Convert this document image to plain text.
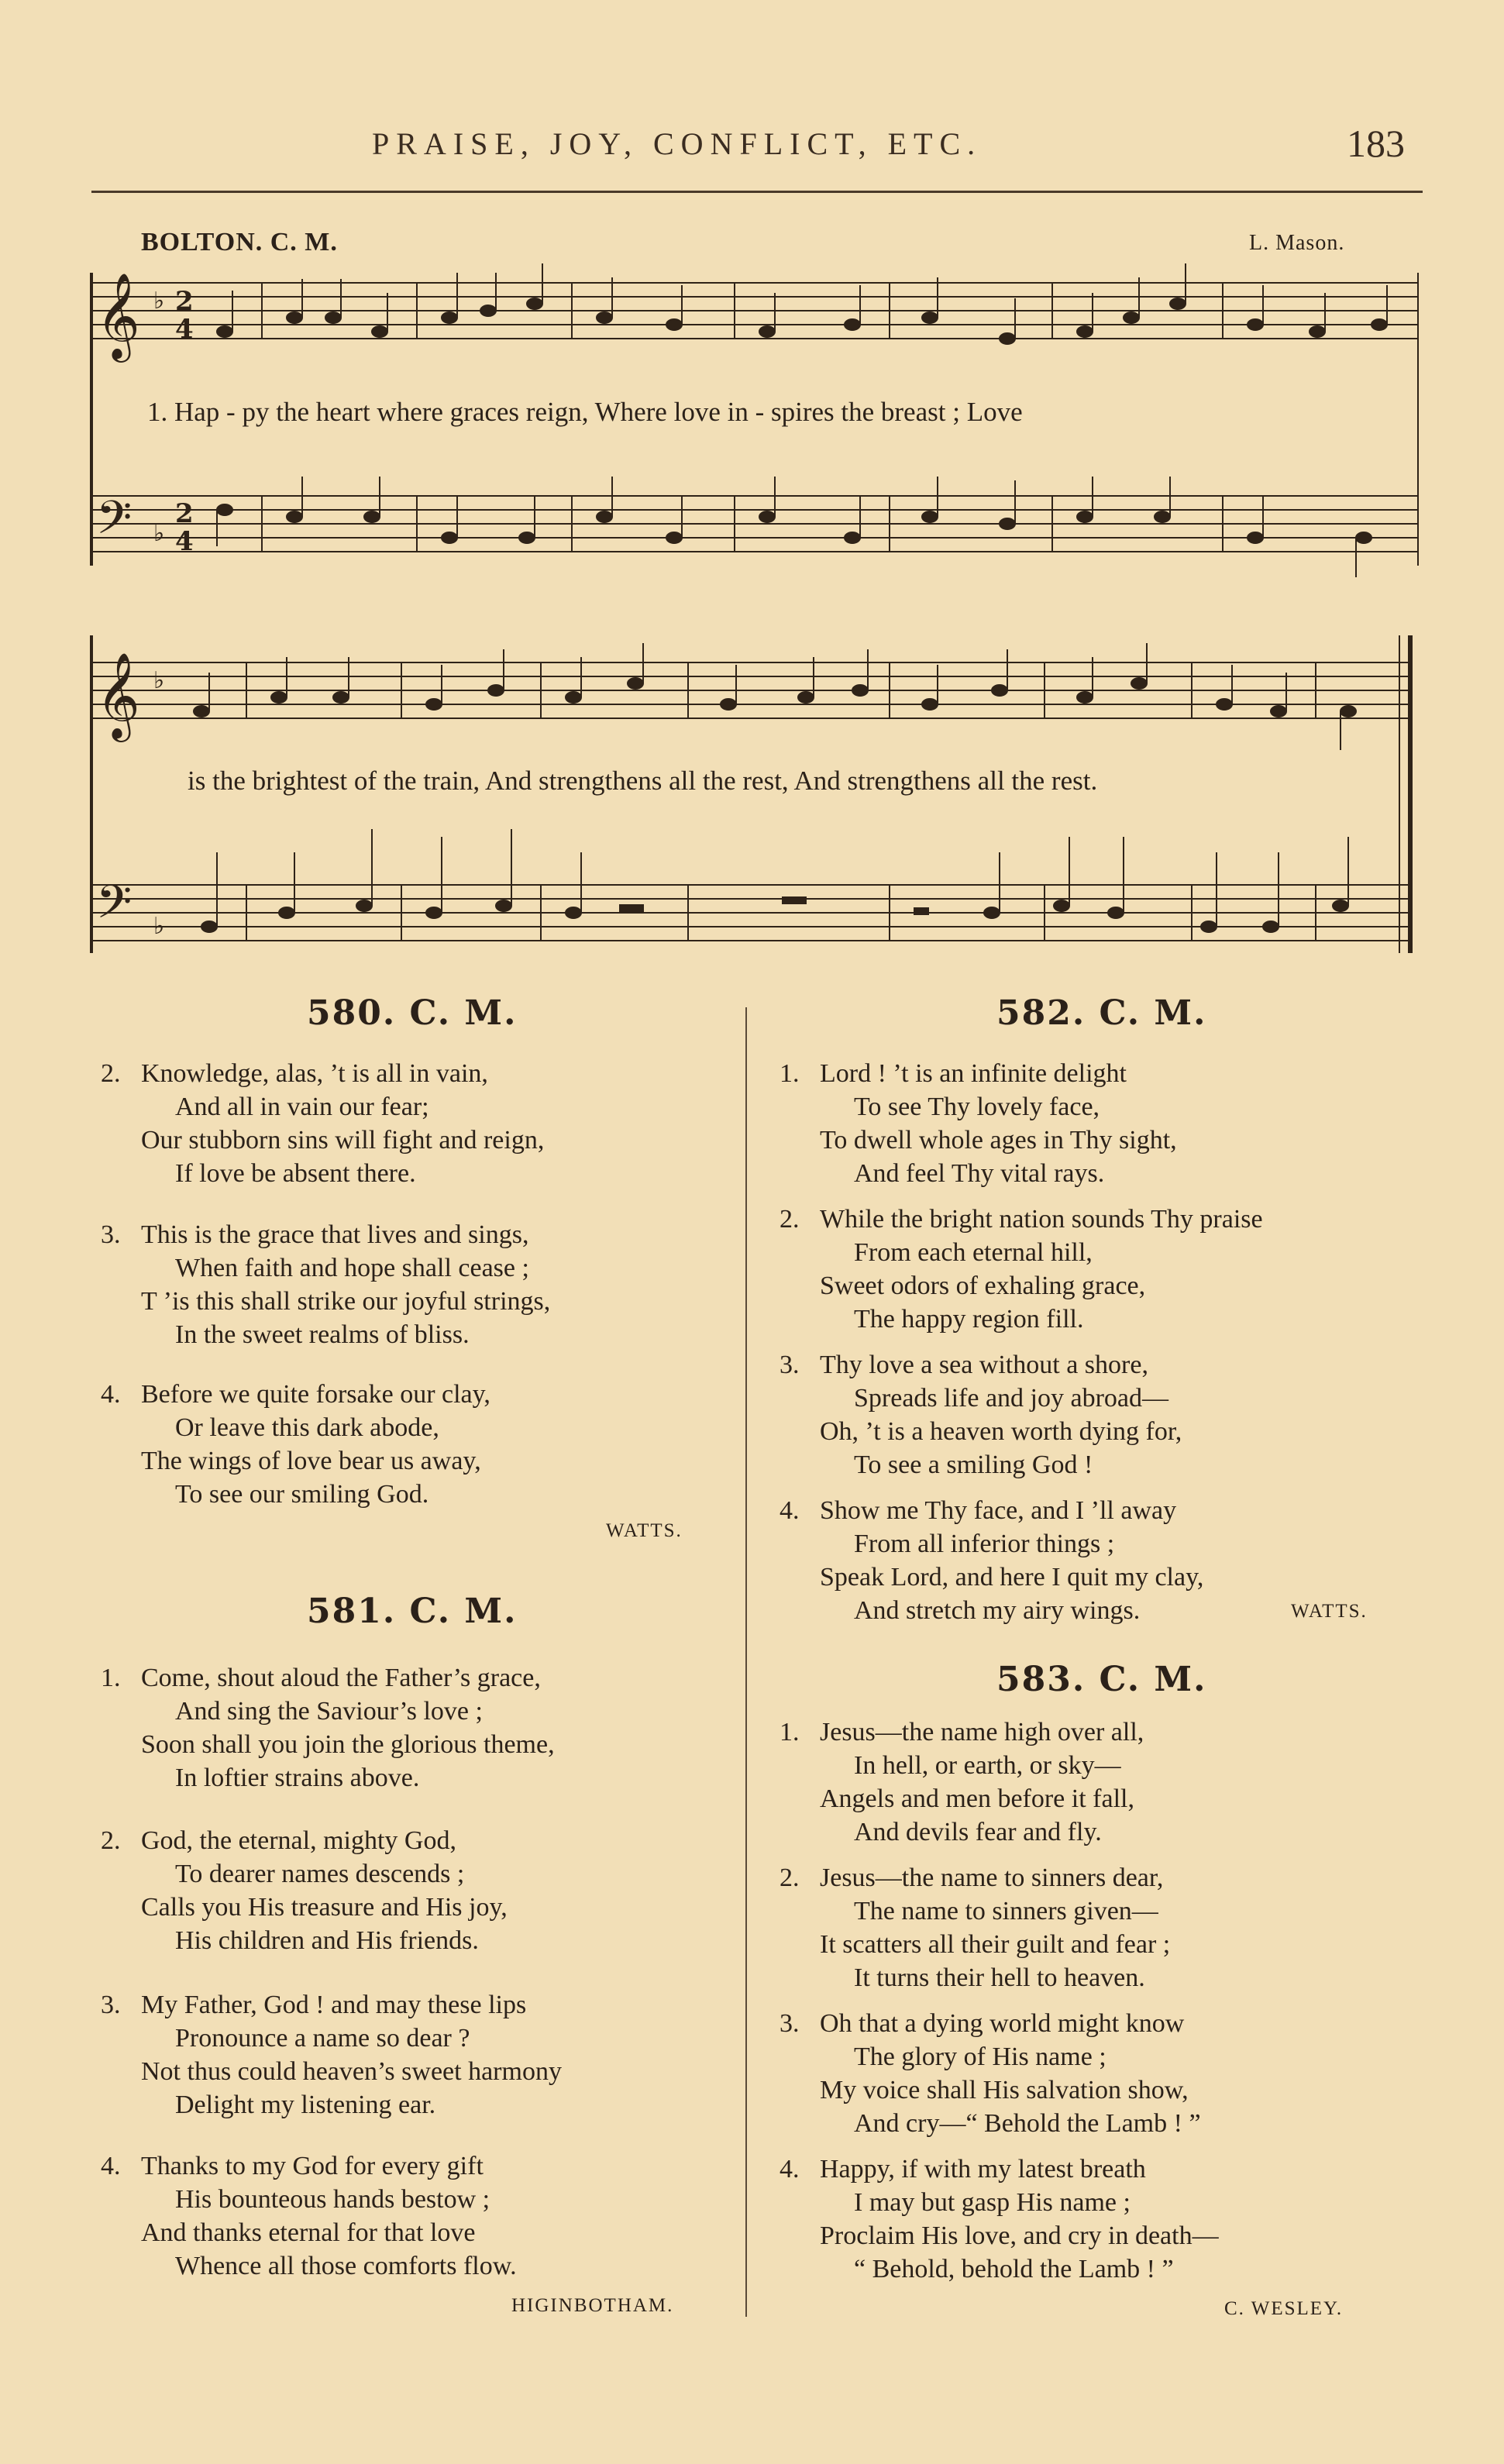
PRAISE, JOY, CONFLICT, ETC.	183
BOLTON. C. M.	L. Mason.
𝄞
𝄢
𝄞
𝄢
♭
♭
♭
♭
2
4
2
4
1. Hap - py the heart where graces reign, Where love in - spires the breast ; Love
is the brightest of the train, And strengthens all the rest, And strengthens all the rest.
580. C. M.
2. Knowledge, alas, ’t is all in vain,
And all in vain our fear;
Our stubborn sins will fight and reign,
If love be absent there.
3. This is the grace that lives and sings,
When faith and hope shall cease ;
T ’is this shall strike our joyful strings,
In the sweet realms of bliss.
4. Before we quite forsake our clay,
Or leave this dark abode,
The wings of love bear us away,
To see our smiling God.
WATTS.
581. C. M.
1. Come, shout aloud the Father’s grace,
And sing the Saviour’s love ;
Soon shall you join the glorious theme,
In loftier strains above.
2. God, the eternal, mighty God,
To dearer names descends ;
Calls you His treasure and His joy,
His children and His friends.
3. My Father, God ! and may these lips
Pronounce a name so dear ?
Not thus could heaven’s sweet harmony
Delight my listening ear.
4. Thanks to my God for every gift
His bounteous hands bestow ;
And thanks eternal for that love
Whence all those comforts flow.
HIGINBOTHAM.
582. C. M.
1. Lord ! ’t is an infinite delight
To see Thy lovely face,
To dwell whole ages in Thy sight,
And feel Thy vital rays.
2. While the bright nation sounds Thy praise
From each eternal hill,
Sweet odors of exhaling grace,
The happy region fill.
3. Thy love a sea without a shore,
Spreads life and joy abroad—
Oh, ’t is a heaven worth dying for,
To see a smiling God !
4. Show me Thy face, and I ’ll away
From all inferior things ;
Speak Lord, and here I quit my clay,
And stretch my airy wings.	WATTS.
583. C. M.
1. Jesus—the name high over all,
In hell, or earth, or sky—
Angels and men before it fall,
And devils fear and fly.
2. Jesus—the name to sinners dear,
The name to sinners given—
It scatters all their guilt and fear ;
It turns their hell to heaven.
3. Oh that a dying world might know
The glory of His name ;
My voice shall His salvation show,
And cry—“ Behold the Lamb ! ”
4. Happy, if with my latest breath
I may but gasp His name ;
Proclaim His love, and cry in death—
“ Behold, behold the Lamb ! ”
C. WESLEY.
